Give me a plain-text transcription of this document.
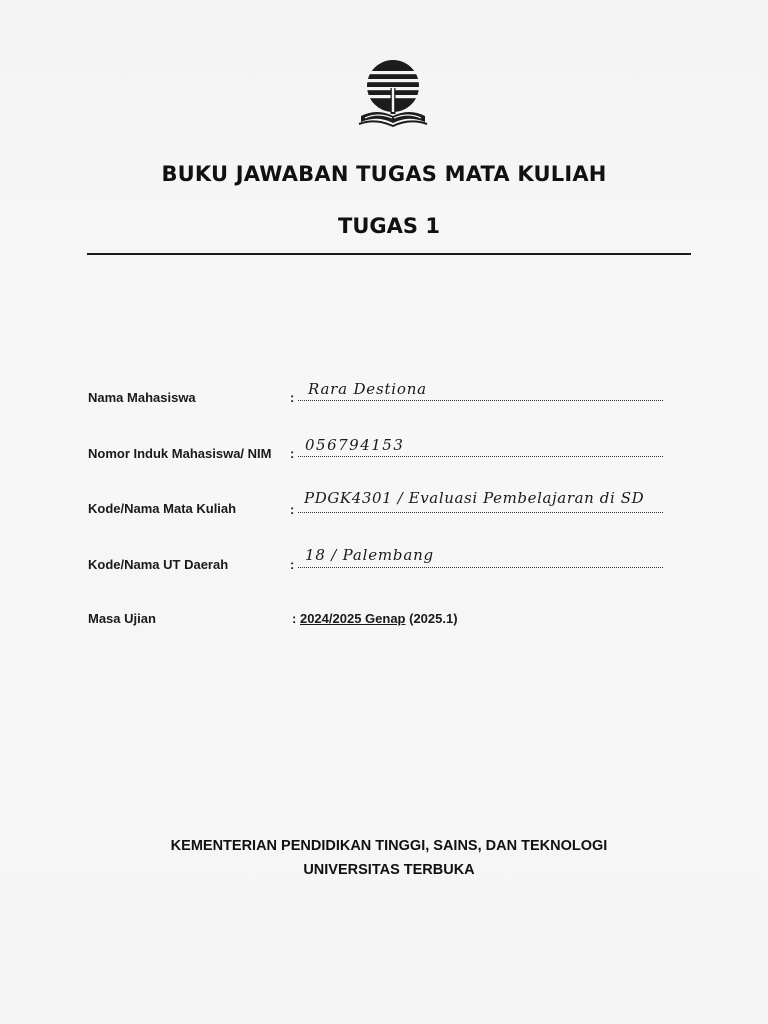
BUKU JAWABAN TUGAS MATA KULIAH
TUGAS 1
Nama Mahasiswa	: Rara Destiona
Nomor Induk Mahasiswa/ NIM : 056794153
Kode/Nama Mata Kuliah	:
PDGK4301 / Evaluasi Pembelajaran di SD
Kode/Nama UT Daerah	:
18 / Palembang
Masa Ujian	: 2024/2025 Genap (2025.1)
KEMENTERIAN PENDIDIKAN TINGGI, SAINS, DAN TEKNOLOGI
UNIVERSITAS TERBUKA
